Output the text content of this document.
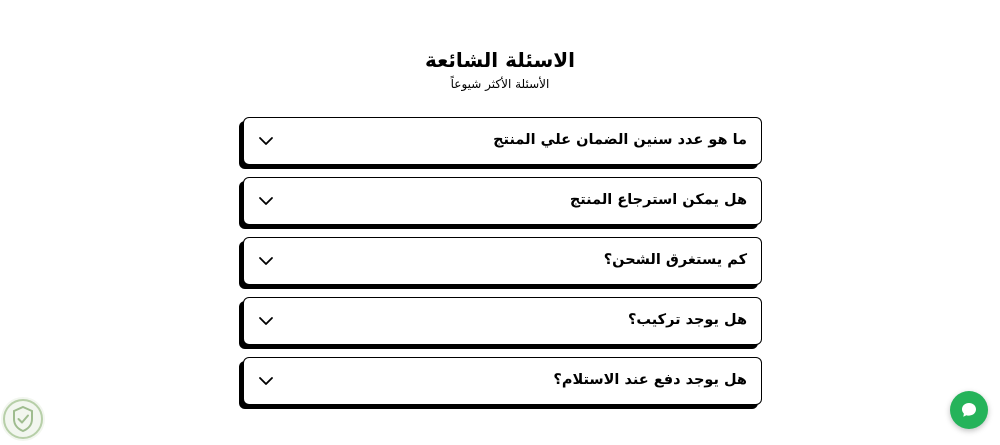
الاسئلة الشائعة

الأسئلة الأكثر شيوعاً

ما هو عدد سنين الضمان علي المنتج
هل يمكن استرجاع المنتج
كم يستغرق الشحن؟
هل يوجد تركيب؟
هل يوجد دفع عند الاستلام؟
